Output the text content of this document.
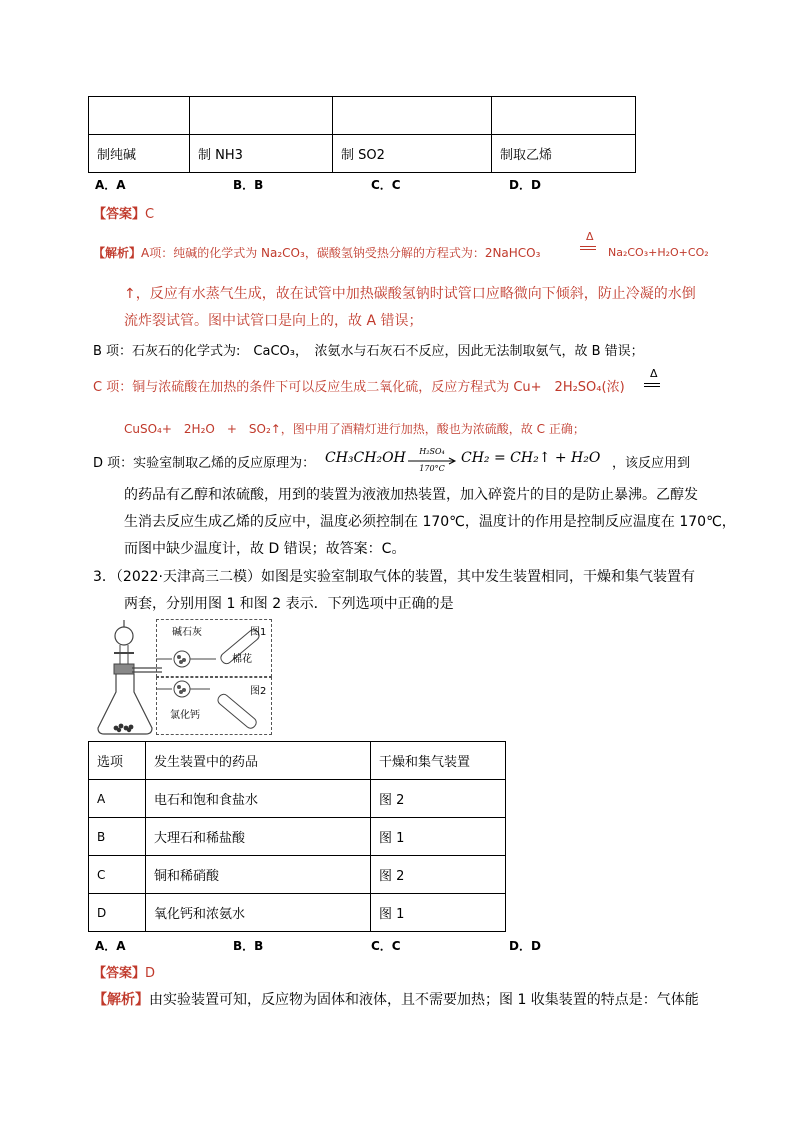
制纯碱	制 NH3	制 SO2	制取乙烯
A．A	B．B	C．C	D．D
【答案】C
【解析】A项：纯碱的化学式为 Na₂CO₃，碳酸氢钠受热分解的方程式为：2NaHCO₃
Δ
Na₂CO₃+H₂O+CO₂
↑，反应有水蒸气生成，故在试管中加热碳酸氢钠时试管口应略微向下倾斜，防止冷凝的水倒
流炸裂试管。图中试管口是向上的，故 A 错误；
B 项：石灰石的化学式为:　CaCO₃，　浓氨水与石灰石不反应，因此无法制取氨气，故 B 错误；
C 项：铜与浓硫酸在加热的条件下可以反应生成二氧化硫，反应方程式为 Cu+　2H₂SO₄(浓)
Δ
CuSO₄+　2H₂O　+　SO₂↑，图中用了酒精灯进行加热，酸也为浓硫酸，故 C 正确；
D 项：实验室制取乙烯的反应原理为： CH₃CH₂OH	H₂SO₄
170°C
CH₂ = CH₂↑ + H₂O ，该反应用到
的药品有乙醇和浓硫酸，用到的装置为液液加热装置，加入碎瓷片的目的是防止暴沸。乙醇发
生消去反应生成乙烯的反应中，温度必须控制在 170℃，温度计的作用是控制反应温度在 170℃，
而图中缺少温度计，故 D 错误；故答案：C。
3．（2022·天津高三二模）如图是实验室制取气体的装置，其中发生装置相同，干燥和集气装置有
两套，分别用图 1 和图 2 表示．下列选项中正确的是
碱石灰
棉花
氯化钙
图1
图2
选项	发生装置中的药品	干燥和集气装置
A	电石和饱和食盐水	图 2
B	大理石和稀盐酸	图 1
C	铜和稀硝酸	图 2
D	氧化钙和浓氨水	图 1
A．A	B．B	C．C	D．D
【答案】D
【解析】由实验装置可知，反应物为固体和液体，且不需要加热；图 1 收集装置的特点是：气体能
